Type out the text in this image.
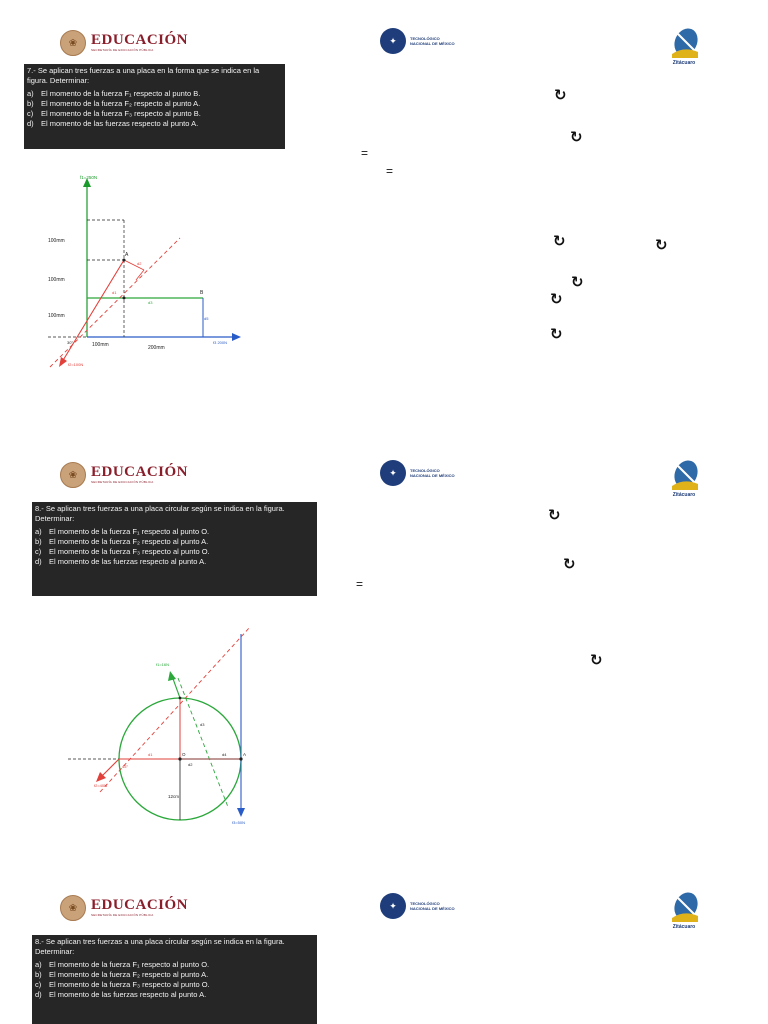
❀ EDUCACIÓN
SECRETARÍA DE EDUCACIÓN PÚBLICA
✦	TECNOLÓGICO
NACIONAL DE MÉXICO
Zitácuaro

7.- Se aplican tres fuerzas a una placa en la forma que se indica en la figura. Determinar:

a) El momento de la fuerza F₁ respecto al punto B.
b) El momento de la fuerza F₂ respecto al punto A.
c) El momento de la fuerza F₃ respecto al punto B.
d) El momento de las fuerzas respecto al punto A.
f1=250N
100mm
100mm
100mm
100mm	200mm
A
B
d1
d2
d3
d5
30°	f3 200N
f2=100N
↻
↻
=
=
↻	↻
↻
↻
↻
❀ EDUCACIÓN
SECRETARÍA DE EDUCACIÓN PÚBLICA
✦	TECNOLÓGICO
NACIONAL DE MÉXICO
Zitácuaro

8.- Se aplican tres fuerzas a una placa circular según se indica en la figura. Determinar:

a) El momento de la fuerza F₁ respecto al punto O.
b) El momento de la fuerza F₂ respecto al punto A.
c) El momento de la fuerza F₃ respecto al punto O.
d) El momento de las fuerzas respecto al punto A.
f1=16N
f2=40N
f3=50N
12cm
O	A
d1
d2
d3
d4
45°
↻
↻
=
↻
❀ EDUCACIÓN
SECRETARÍA DE EDUCACIÓN PÚBLICA
✦	TECNOLÓGICO
NACIONAL DE MÉXICO
Zitácuaro

8.- Se aplican tres fuerzas a una placa circular según se indica en la figura. Determinar:

a) El momento de la fuerza F₁ respecto al punto O.
b) El momento de la fuerza F₂ respecto al punto A.
c) El momento de la fuerza F₃ respecto al punto O.
d) El momento de las fuerzas respecto al punto A.
